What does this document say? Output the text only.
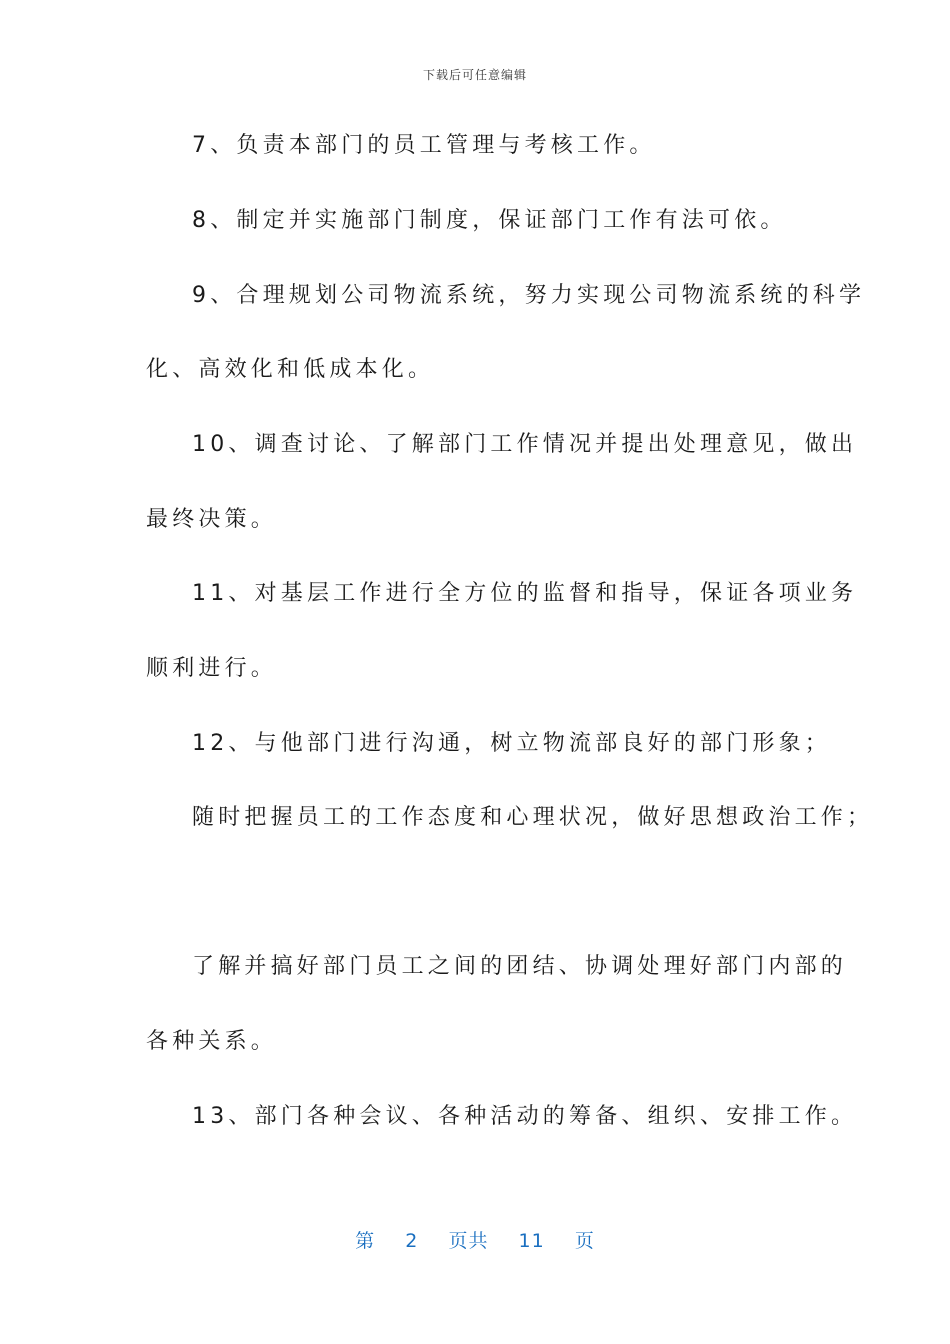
下载后可任意编辑
7、负责本部门的员工管理与考核工作。
8、制定并实施部门制度，保证部门工作有法可依。
9、合理规划公司物流系统，努力实现公司物流系统的科学
化、高效化和低成本化。
10、调查讨论、了解部门工作情况并提出处理意见，做出
最终决策。
11、对基层工作进行全方位的监督和指导，保证各项业务
顺利进行。
12、与他部门进行沟通，树立物流部良好的部门形象；
随时把握员工的工作态度和心理状况，做好思想政治工作；
了解并搞好部门员工之间的团结、协调处理好部门内部的
各种关系。
13、部门各种会议、各种活动的筹备、组织、安排工作。
第 2 页共 11 页
